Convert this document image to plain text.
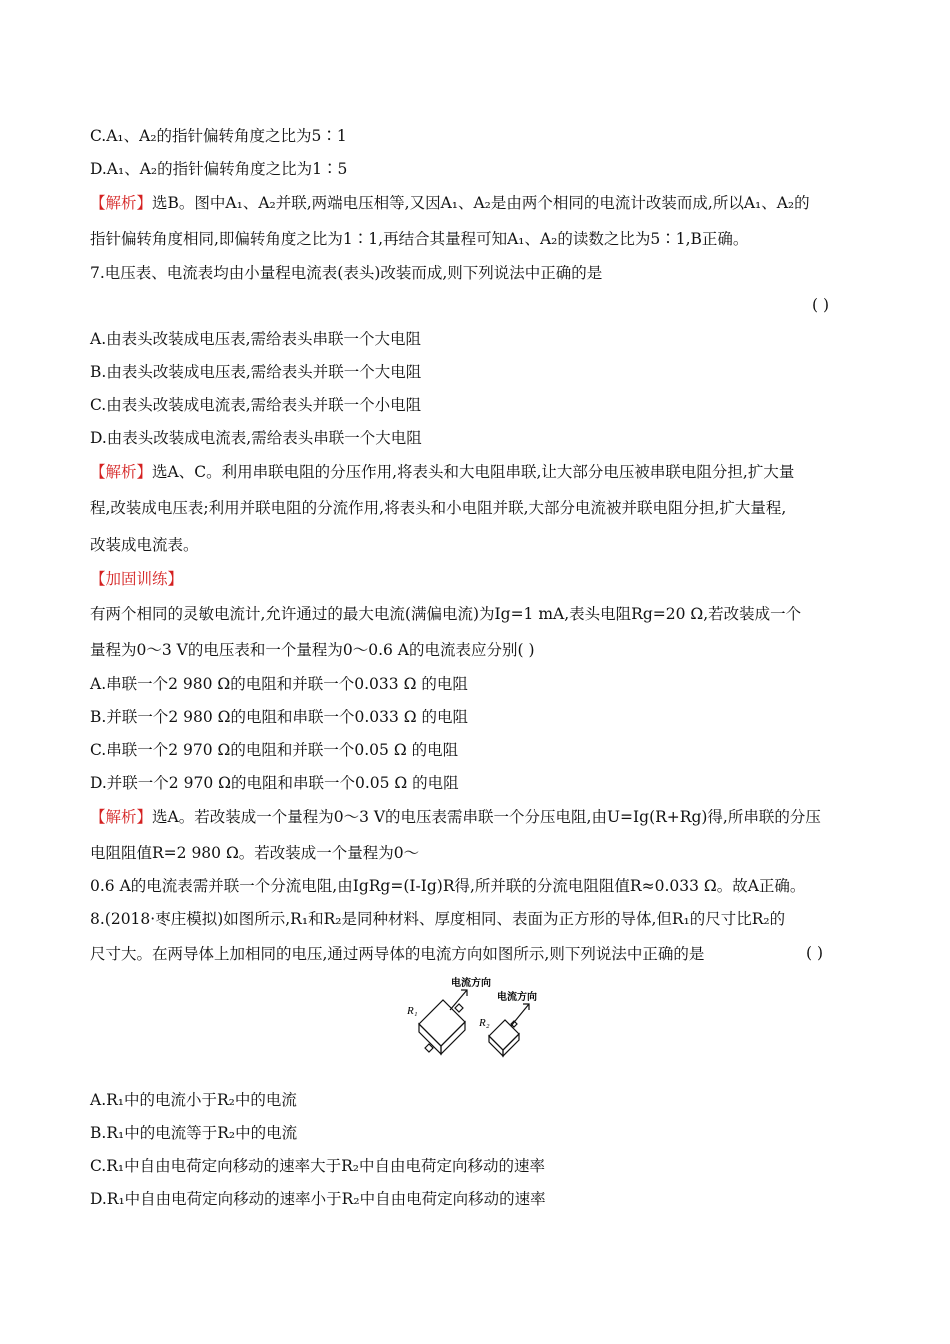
C.A₁、A₂的指针偏转角度之比为5∶1
D.A₁、A₂的指针偏转角度之比为1∶5
【解析】选B。图中A₁、A₂并联,两端电压相等,又因A₁、A₂是由两个相同的电流计改装而成,所以A₁、A₂的
指针偏转角度相同,即偏转角度之比为1∶1,再结合其量程可知A₁、A₂的读数之比为5∶1,B正确。
7.电压表、电流表均由小量程电流表(表头)改装而成,则下列说法中正确的是
( )
A.由表头改装成电压表,需给表头串联一个大电阻
B.由表头改装成电压表,需给表头并联一个大电阻
C.由表头改装成电流表,需给表头并联一个小电阻
D.由表头改装成电流表,需给表头串联一个大电阻
【解析】选A、C。利用串联电阻的分压作用,将表头和大电阻串联,让大部分电压被串联电阻分担,扩大量
程,改装成电压表;利用并联电阻的分流作用,将表头和小电阻并联,大部分电流被并联电阻分担,扩大量程,
改装成电流表。
【加固训练】
有两个相同的灵敏电流计,允许通过的最大电流(满偏电流)为Ig=1 mA,表头电阻Rg=20 Ω,若改装成一个
量程为0～3 V的电压表和一个量程为0～0.6 A的电流表应分别( )
A.串联一个2 980 Ω的电阻和并联一个0.033 Ω 的电阻
B.并联一个2 980 Ω的电阻和串联一个0.033 Ω 的电阻
C.串联一个2 970 Ω的电阻和并联一个0.05 Ω 的电阻
D.并联一个2 970 Ω的电阻和串联一个0.05 Ω 的电阻
【解析】选A。若改装成一个量程为0～3 V的电压表需串联一个分压电阻,由U=Ig(R+Rg)得,所串联的分压
电阻阻值R=2 980 Ω。若改装成一个量程为0～
0.6 A的电流表需并联一个分流电阻,由IgRg=(I-Ig)R得,所并联的分流电阻阻值R≈0.033 Ω。故A正确。
8.(2018·枣庄模拟)如图所示,R₁和R₂是同种材料、厚度相同、表面为正方形的导体,但R₁的尺寸比R₂的
尺寸大。在两导体上加相同的电压,通过两导体的电流方向如图所示,则下列说法中正确的是	( )
R₁
R₂
电流方向
电流方向
A.R₁中的电流小于R₂中的电流
B.R₁中的电流等于R₂中的电流
C.R₁中自由电荷定向移动的速率大于R₂中自由电荷定向移动的速率
D.R₁中自由电荷定向移动的速率小于R₂中自由电荷定向移动的速率
